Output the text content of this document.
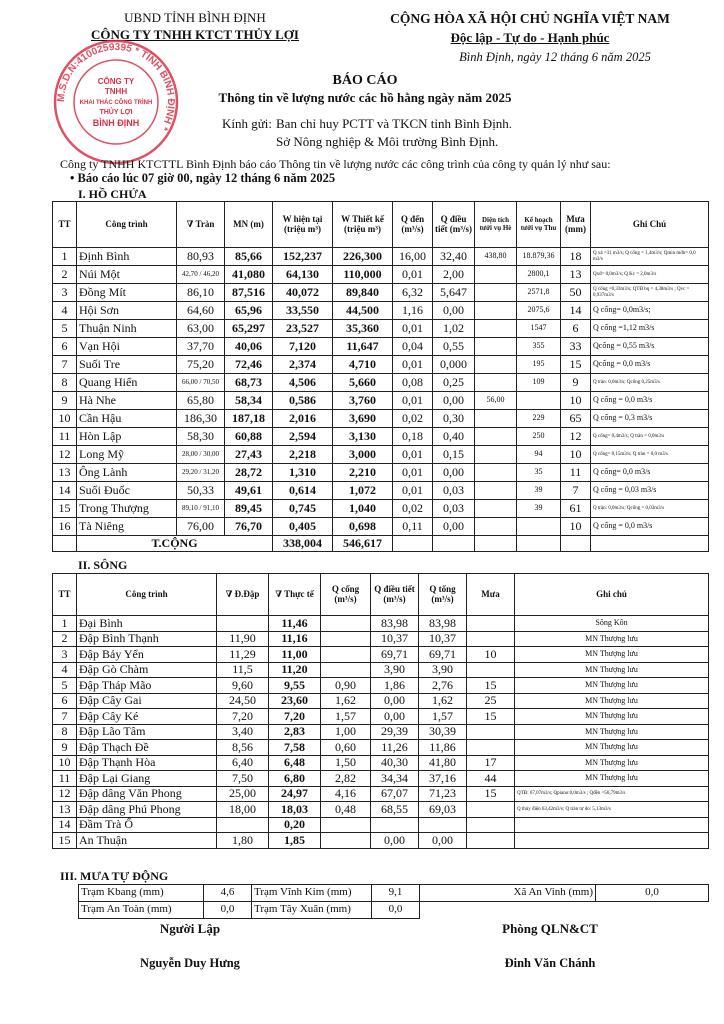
UBND TỈNH BÌNH ĐỊNH
CÔNG TY TNHH KTCT THỦY LỢI
CỘNG HÒA XÃ HỘI CHỦ NGHĨA VIỆT NAM
Độc lập - Tự do - Hạnh phúc
Bình Định, ngày 12 tháng 6 năm 2025
M.S.D.N:4100259395 * TỈNH BÌNH ĐỊNH *
CÔNG TY
TNHH
KHAI THÁC CÔNG TRÌNH
THỦY LỢI
BÌNH ĐỊNH
BÁO CÁO
Thông tin về lượng nước các hồ hằng ngày năm 2025
Kính gửi: Ban chỉ huy PCTT và TKCN tỉnh Bình Định.
Sở Nông nghiệp & Môi trường Bình Định.
Công ty TNHH KTCTTL Bình Định báo cáo Thông tin về lượng nước các công trình của công ty quản lý như sau:
• Báo cáo lúc 07 giờ 00, ngày 12 tháng 6 năm 2025
I. HỒ CHỨA
TT	Công trình	∇ Tràn	MN (m)	W hiện tại (triệu m³)	W Thiết kế (triệu m³)	Q đến (m³/s)	Q điều tiết (m³/s)	Diện tích tưới vụ Hè	Kế hoạch tưới vụ Thu	Mưa (mm)	Ghi Chú
1	Định Bình	80,93	85,66	152,237	226,300	16,00	32,40	438,80	18.879,36	18	Q xả =31 m3/s; Q cống = 1,4m3/s; Qmin mđn= 0,0 m3/s
2	Núi Một	42,70 / 46,20	41,080	64,130	110,000	0,01	2,00		2800,1	13	Qxđ= 0,0m3/s; Q Kc = 2,0m3/s
3	Đồng Mít	86,10	87,516	40,072	89,840	6,32	5,647		2571,8	50	Q cống =0,33m3/s; QTĐ bq = 4,38m3/s ; Qvc = 0,937m3/s
4	Hội Sơn	64,60	65,96	33,550	44,500	1,16	0,00		2075,6	14	Q cống= 0,0m3/s;
5	Thuận Ninh	63,00	65,297	23,527	35,360	0,01	1,02		1547	6	Q cống =1,12 m3/s
6	Vạn Hội	37,70	40,06	7,120	11,647	0,04	0,55		355	33	Qcống = 0,55 m3/s
7	Suối Tre	75,20	72,46	2,374	4,710	0,01	0,000		195	15	Qcống = 0,0 m3/s
8	Quang Hiển	66,00 / 70,50	68,73	4,506	5,660	0,08	0,25		109	9	Q tràn: 0,0m3/s; Qcống 0,25m3/s
9	Hà Nhe	65,80	58,34	0,586	3,760	0,01	0,00	56,00		10	Q cống = 0,0 m3/s
10	Cần Hậu	186,30	187,18	2,016	3,690	0,02	0,30		229	65	Q cống = 0,3 m3/s
11	Hòn Lập	58,30	60,88	2,594	3,130	0,18	0,40		250	12	Q cống= 0,4m3/s; Q tràn = 0,0m3/s
12	Long Mỹ	28,00 / 30,00	27,43	2,218	3,000	0,01	0,15		94	10	Q cống= 0,15m3/s; Q tràn = 0,0 m3/s
13	Ông Lành	29,20 / 31,20	28,72	1,310	2,210	0,01	0,00		35	11	Q cống= 0,0 m3/s
14	Suối Đuốc	50,33	49,61	0,614	1,072	0,01	0,03		39	7	Q cống = 0,03 m3/s
15	Trong Thượng	89,10 / 91,10	89,45	0,745	1,040	0,02	0,03		39	61	Q tràn: 0,0m3/s; Qcống = 0,03m3/s
16	Tà Niêng	76,00	76,70	0,405	0,698	0,11	0,00			10	Q cống = 0,0 m3/s
	T.CỘNG			338,004	546,617						
II. SÔNG
TT	Công trình	∇ Đ.Đập	∇ Thực tế	Q cống (m³/s)	Q điều tiết (m³/s)	Q tổng (m³/s)	Mưa	Ghi chú
1	Đại Bình		11,46		83,98	83,98		Sông Kôn
2	Đập Bình Thạnh	11,90	11,16		10,37	10,37		MN Thượng lưu
3	Đập Bảy Yển	11,29	11,00		69,71	69,71	10	MN Thượng lưu
4	Đập Gò Chàm	11,5	11,20		3,90	3,90		MN Thượng lưu
5	Đập Tháp Mão	9,60	9,55	0,90	1,86	2,76	15	MN Thượng lưu
6	Đập Cây Gai	24,50	23,60	1,62	0,00	1,62	25	MN Thượng lưu
7	Đập Cây Ké	7,20	7,20	1,57	0,00	1,57	15	MN Thượng lưu
8	Đập Lão Tâm	3,40	2,83	1,00	29,39	30,39		MN Thượng lưu
9	Đập Thạch Đề	8,56	7,58	0,60	11,26	11,86		MN Thượng lưu
10	Đập Thạnh Hòa	6,40	6,48	1,50	40,30	41,80	17	MN Thượng lưu
11	Đập Lại Giang	7,50	6,80	2,82	34,34	37,16	44	MN Thượng lưu
12	Đập dâng Văn Phong	25,00	24,97	4,16	67,07	71,23	15	QTĐ: 67,07m3/s; Qpiano:0,0m3/s ; Qđền =56,79m3/s
13	Đập dâng Phú Phong	18,00	18,03	0,48	68,55	69,03		Q thủy điện 63,42m3/s; Q tràn tự do: 5,13m3/s
14	Đầm Trà Ổ		0,20					
15	An Thuận	1,80	1,85		0,00	0,00		
III. MƯA TỰ ĐỘNG
Trạm Kbang (mm)	4,6	Trạm Vĩnh Kim (mm)	9,1	Xã An Vinh (mm)	0,0
Trạm An Toàn (mm)	0,0	Trạm Tây Xuân (mm)	0,0		
Người Lập	Phòng QLN&CT
Nguyễn Duy Hưng	Đinh Văn Chánh
